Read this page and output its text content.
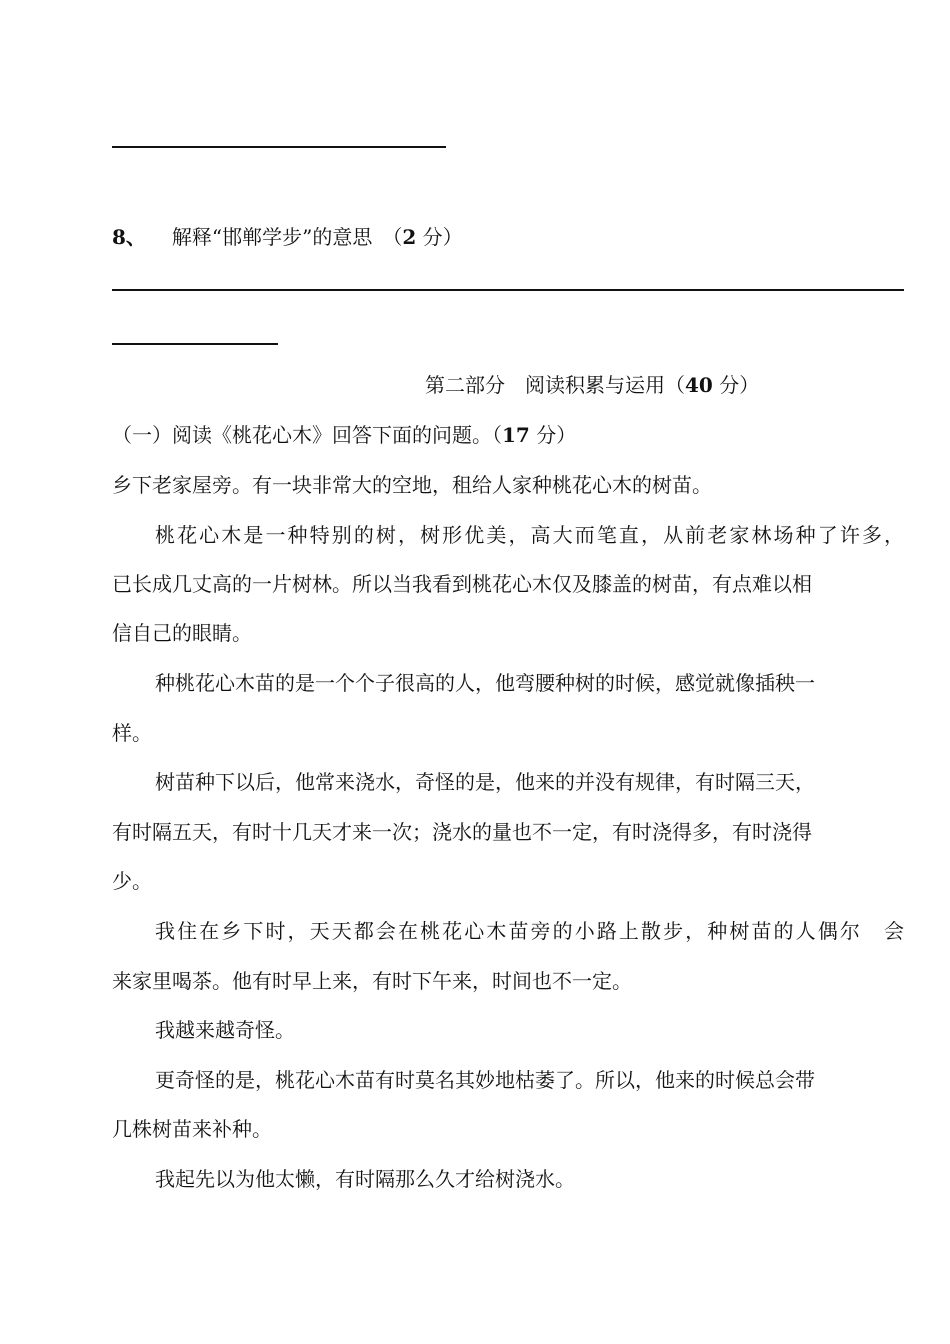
8、 解释“邯郸学步”的意思 （2 分）
第二部分　阅读积累与运用（40 分）
（一）阅读《桃花心木》回答下面的问题。（17 分）
乡下老家屋旁。有一块非常大的空地，租给人家种桃花心木的树苗。
桃花心木是一种特别的树，树形优美，高大而笔直，从前老家林场种了许多，
已长成几丈高的一片树林。所以当我看到桃花心木仅及膝盖的树苗，有点难以相
信自己的眼睛。
种桃花心木苗的是一个个子很高的人，他弯腰种树的时候，感觉就像插秧一
样。
树苗种下以后，他常来浇水，奇怪的是，他来的并没有规律，有时隔三天，
有时隔五天，有时十几天才来一次；浇水的量也不一定，有时浇得多，有时浇得
少。
我住在乡下时，天天都会在桃花心木苗旁的小路上散步，种树苗的人偶尔　会
来家里喝茶。他有时早上来，有时下午来，时间也不一定。
我越来越奇怪。
更奇怪的是，桃花心木苗有时莫名其妙地枯萎了。所以，他来的时候总会带
几株树苗来补种。
我起先以为他太懒，有时隔那么久才给树浇水。
